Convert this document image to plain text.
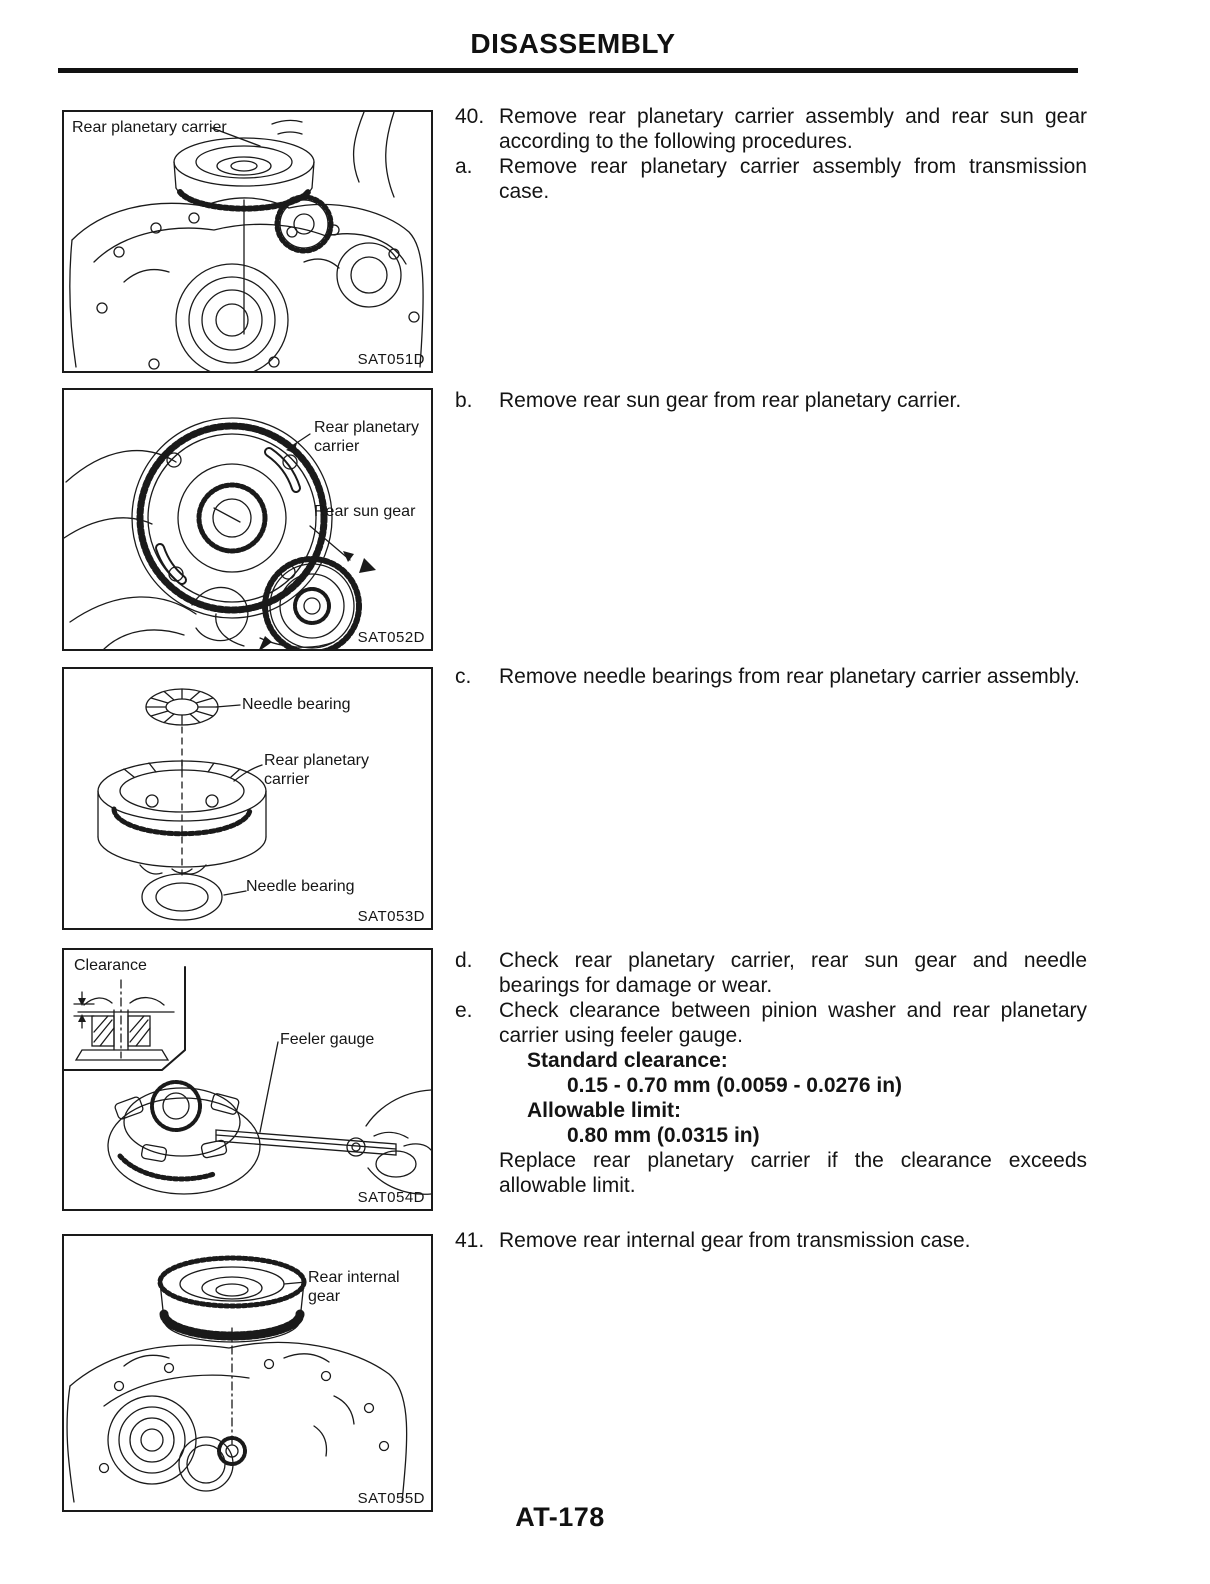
DISASSEMBLY
Rear planetary carrier
SAT051D
Rear planetary carrier
Rear sun gear
SAT052D
Needle bearing
Rear planetary carrier
Needle bearing
SAT053D
Clearance
Feeler gauge
SAT054D
Rear internal gear
SAT055D
40. Remove rear planetary carrier assembly and rear sun gear according to the following procedures.
a.	Remove rear planetary carrier assembly from transmission case.
b.	Remove rear sun gear from rear planetary carrier.
c.	Remove needle bearings from rear planetary carrier assembly.
d.	Check rear planetary carrier, rear sun gear and needle bearings for damage or wear.
e.	Check clearance between pinion washer and rear planetary carrier using feeler gauge.
Standard clearance:
0.15 - 0.70 mm (0.0059 - 0.0276 in)
Allowable limit:
0.80 mm (0.0315 in)
Replace rear planetary carrier if the clearance exceeds allowable limit.
41. Remove rear internal gear from transmission case.
AT-178
